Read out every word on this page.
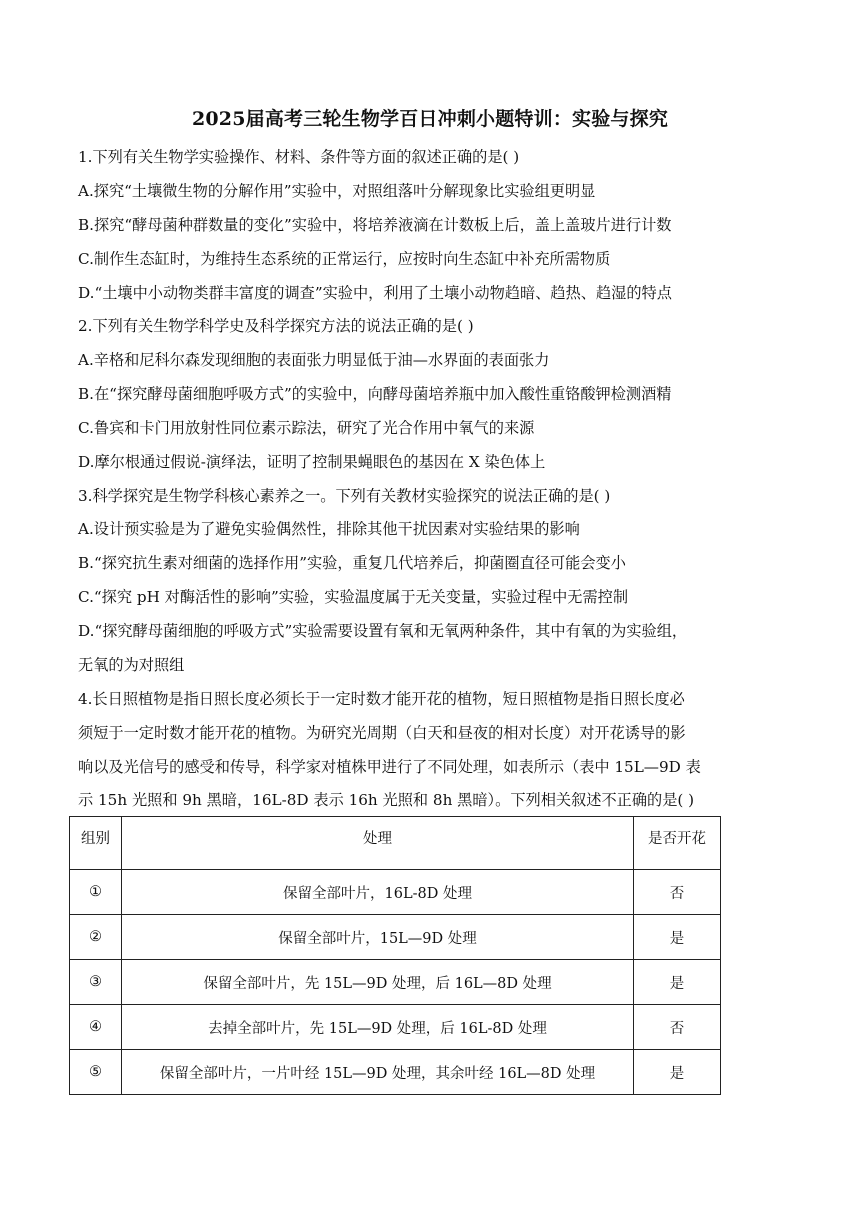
2025届高考三轮生物学百日冲刺小题特训：实验与探究
1.下列有关生物学实验操作、材料、条件等方面的叙述正确的是( )
A.探究“土壤微生物的分解作用”实验中，对照组落叶分解现象比实验组更明显
B.探究“酵母菌种群数量的变化”实验中，将培养液滴在计数板上后，盖上盖玻片进行计数
C.制作生态缸时，为维持生态系统的正常运行，应按时向生态缸中补充所需物质
D.“土壤中小动物类群丰富度的调查”实验中，利用了土壤小动物趋暗、趋热、趋湿的特点
2.下列有关生物学科学史及科学探究方法的说法正确的是( )
A.辛格和尼科尔森发现细胞的表面张力明显低于油—水界面的表面张力
B.在“探究酵母菌细胞呼吸方式”的实验中，向酵母菌培养瓶中加入酸性重铬酸钾检测酒精
C.鲁宾和卡门用放射性同位素示踪法，研究了光合作用中氧气的来源
D.摩尔根通过假说-演绎法，证明了控制果蝇眼色的基因在 X 染色体上
3.科学探究是生物学科核心素养之一。下列有关教材实验探究的说法正确的是( )
A.设计预实验是为了避免实验偶然性，排除其他干扰因素对实验结果的影响
B.“探究抗生素对细菌的选择作用”实验，重复几代培养后，抑菌圈直径可能会变小
C.“探究 pH 对酶活性的影响”实验，实验温度属于无关变量，实验过程中无需控制
D.“探究酵母菌细胞的呼吸方式”实验需要设置有氧和无氧两种条件，其中有氧的为实验组，
无氧的为对照组
4.长日照植物是指日照长度必须长于一定时数才能开花的植物，短日照植物是指日照长度必
须短于一定时数才能开花的植物。为研究光周期（白天和昼夜的相对长度）对开花诱导的影
响以及光信号的感受和传导，科学家对植株甲进行了不同处理，如表所示（表中 15L—9D 表
示 15h 光照和 9h 黑暗，16L-8D 表示 16h 光照和 8h 黑暗）。下列相关叙述不正确的是( )
组别	处理	是否开花
①	保留全部叶片，16L-8D 处理	否
②	保留全部叶片，15L—9D 处理	是
③	保留全部叶片，先 15L—9D 处理，后 16L—8D 处理	是
④	去掉全部叶片，先 15L—9D 处理，后 16L-8D 处理	否
⑤	保留全部叶片，一片叶经 15L—9D 处理，其余叶经 16L—8D 处理	是
